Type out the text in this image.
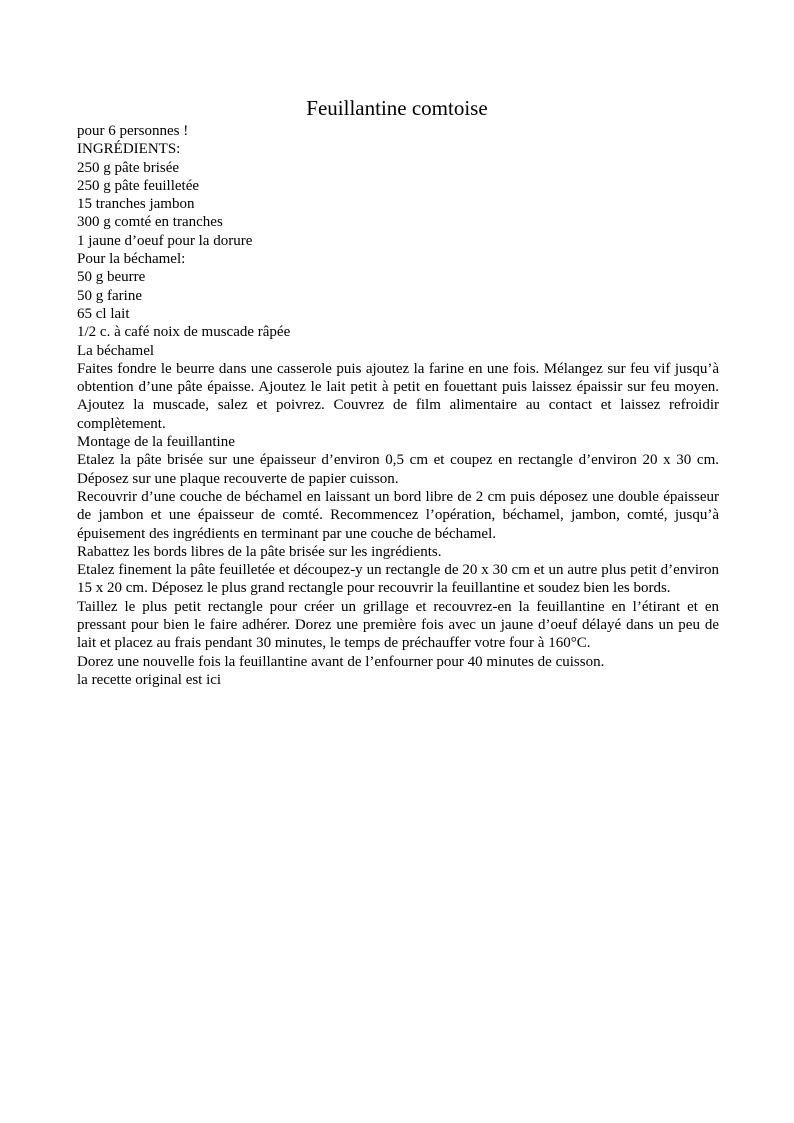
Feuillantine comtoise
pour 6 personnes !
INGRÉDIENTS:
250 g pâte brisée
250 g pâte feuilletée
15 tranches jambon
300 g comté en tranches
1 jaune d’oeuf pour la dorure
Pour la béchamel:
50 g beurre
50 g farine
65 cl lait
1/2 c. à café noix de muscade râpée
La béchamel
Faites fondre le beurre dans une casserole puis ajoutez la farine en une fois. Mélangez sur feu vif jusqu’à obtention d’une pâte épaisse. Ajoutez le lait petit à petit en fouettant puis laissez épaissir sur feu moyen. Ajoutez la muscade, salez et poivrez. Couvrez de film alimentaire au contact et laissez refroidir complètement.
Montage de la feuillantine
Etalez la pâte brisée sur une épaisseur d’environ 0,5 cm et coupez en rectangle d’environ 20 x 30 cm. Déposez sur une plaque recouverte de papier cuisson.
Recouvrir d’une couche de béchamel en laissant un bord libre de 2 cm puis déposez une double épaisseur de jambon et une épaisseur de comté. Recommencez l’opération, béchamel, jambon, comté, jusqu’à épuisement des ingrédients en terminant par une couche de béchamel.
Rabattez les bords libres de la pâte brisée sur les ingrédients.
Etalez finement la pâte feuilletée et découpez-y un rectangle de 20 x 30 cm et un autre plus petit d’environ 15 x 20 cm. Déposez le plus grand rectangle pour recouvrir la feuillantine et soudez bien les bords.
Taillez le plus petit rectangle pour créer un grillage et recouvrez-en la feuillantine en l’étirant et en pressant pour bien le faire adhérer. Dorez une première fois avec un jaune d’oeuf délayé dans un peu de lait et placez au frais pendant 30 minutes, le temps de préchauffer votre four à 160°C.
Dorez une nouvelle fois la feuillantine avant de l’enfourner pour 40 minutes de cuisson.
la recette original est ici
